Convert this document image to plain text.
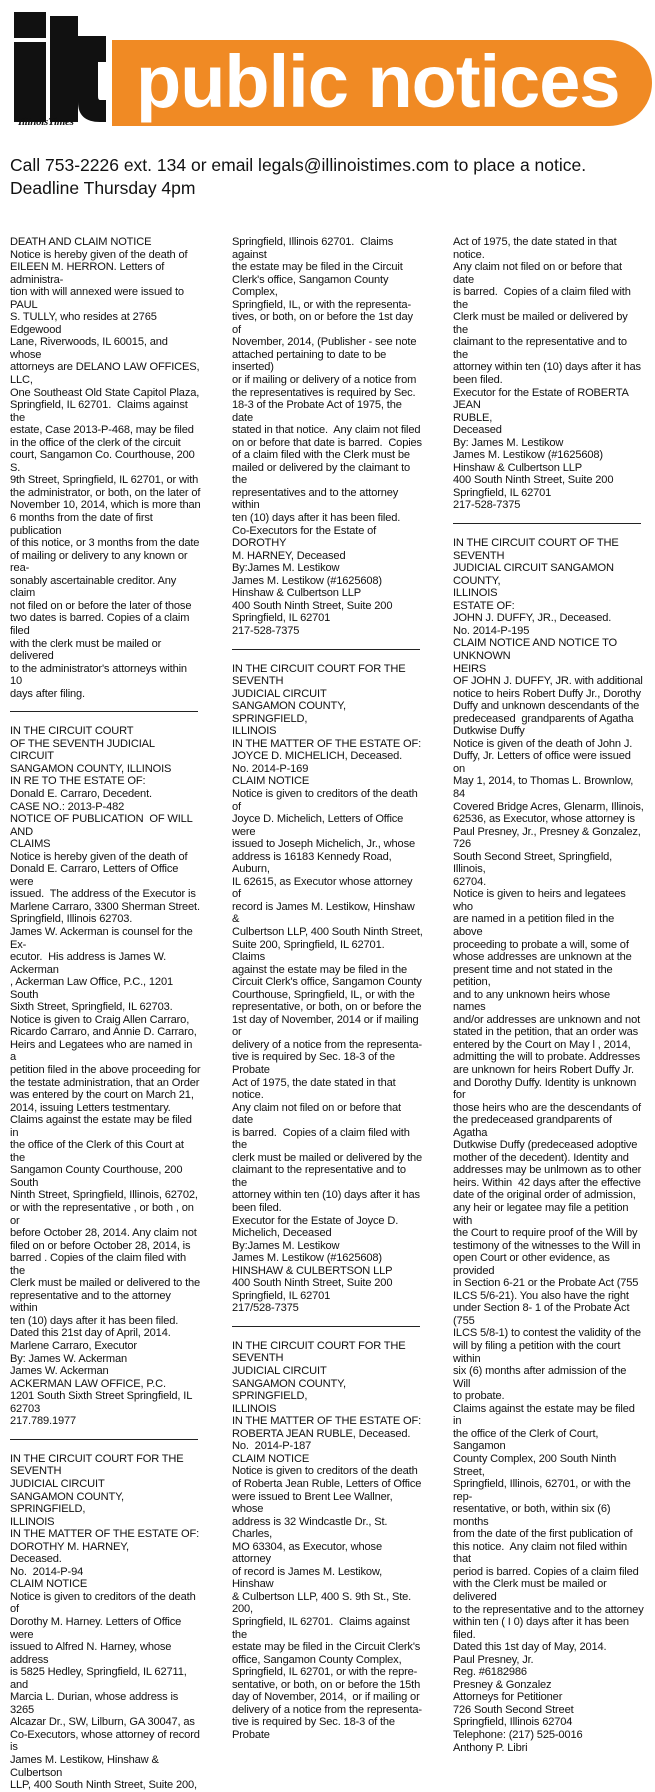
IllinoisTimes public notices
Call 753-2226 ext. 134 or email legals@illinoistimes.com to place a notice.
Deadline Thursday 4pm

DEATH AND CLAIM NOTICE
Notice is hereby given of the death of
EILEEN M. HERRON. Letters of administra-
tion with will annexed were issued to PAUL
S. TULLY, who resides at 2765 Edgewood
Lane, Riverwoods, IL 60015, and whose
attorneys are DELANO LAW OFFICES, LLC,
One Southeast Old State Capitol Plaza,
Springfield, IL 62701.  Claims against the
estate, Case 2013-P-468, may be filed
in the office of the clerk of the circuit
court, Sangamon Co. Courthouse, 200 S.
9th Street, Springfield, IL 62701, or with
the administrator, or both, on the later of
November 10, 2014, which is more than
6 months from the date of first publication
of this notice, or 3 months from the date
of mailing or delivery to any known or rea-
sonably ascertainable creditor. Any claim
not filed on or before the later of those
two dates is barred. Copies of a claim filed
with the clerk must be mailed or delivered
to the administrator's attorneys within 10
days after filing.

IN THE CIRCUIT COURT
OF THE SEVENTH JUDICIAL CIRCUIT
SANGAMON COUNTY, ILLINOIS
IN RE TO THE ESTATE OF:
Donald E. Carraro, Decedent.
CASE NO.: 2013-P-482
NOTICE OF PUBLICATION  OF WILL AND
CLAIMS
Notice is hereby given of the death of
Donald E. Carraro, Letters of Office were
issued.  The address of the Executor is
Marlene Carraro, 3300 Sherman Street.
Springfield, Illinois 62703.
James W. Ackerman is counsel for the Ex-
ecutor.  His address is James W. Ackerman
, Ackerman Law Office, P.C., 1201 South
Sixth Street, Springfield, IL 62703.
Notice is given to Craig Allen Carraro,
Ricardo Carraro, and Annie D. Carraro,
Heirs and Legatees who are named in a
petition filed in the above proceeding for
the testate administration, that an Order
was entered by the court on March 21,
2014, issuing Letters testmentary.
Claims against the estate may be filed in
the office of the Clerk of this Court at the
Sangamon County Courthouse, 200 South
Ninth Street, Springfield, Illinois, 62702,
or with the representative , or both , on or
before October 28, 2014. Any claim not
filed on or before October 28, 2014, is
barred . Copies of the claim filed with the
Clerk must be mailed or delivered to the
representative and to the attorney within
ten (10) days after it has been filed.
Dated this 21st day of April, 2014.
Marlene Carraro, Executor
By: James W. Ackerman
James W. Ackerman
ACKERMAN LAW OFFICE, P.C.
1201 South Sixth Street Springfield, IL
62703
217.789.1977

IN THE CIRCUIT COURT FOR THE SEVENTH
JUDICIAL CIRCUIT
SANGAMON COUNTY, SPRINGFIELD,
ILLINOIS
IN THE MATTER OF THE ESTATE OF:
DOROTHY M. HARNEY,
Deceased.
No.  2014-P-94
CLAIM NOTICE
Notice is given to creditors of the death of
Dorothy M. Harney. Letters of Office were
issued to Alfred N. Harney, whose address
is 5825 Hedley, Springfield, IL 62711, and
Marcia L. Durian, whose address is 3265
Alcazar Dr., SW, Lilburn, GA 30047, as
Co-Executors, whose attorney of record is
James M. Lestikow, Hinshaw & Culbertson
LLP, 400 South Ninth Street, Suite 200,

Springfield, Illinois 62701.  Claims against
the estate may be filed in the Circuit
Clerk's office, Sangamon County Complex,
Springfield, IL, or with the representa-
tives, or both, on or before the 1st day of
November, 2014, (Publisher - see note
attached pertaining to date to be inserted)
or if mailing or delivery of a notice from
the representatives is required by Sec.
18-3 of the Probate Act of 1975, the date
stated in that notice.  Any claim not filed
on or before that date is barred.  Copies
of a claim filed with the Clerk must be
mailed or delivered by the claimant to the
representatives and to the attorney within
ten (10) days after it has been filed.
Co-Executors for the Estate of DOROTHY
M. HARNEY, Deceased
By:James M. Lestikow
James M. Lestikow (#1625608)
Hinshaw & Culbertson LLP
400 South Ninth Street, Suite 200
Springfield, IL 62701
217-528-7375

IN THE CIRCUIT COURT FOR THE SEVENTH
JUDICIAL CIRCUIT
SANGAMON COUNTY, SPRINGFIELD,
ILLINOIS
IN THE MATTER OF THE ESTATE OF:
JOYCE D. MICHELICH, Deceased.
No. 2014-P-169
CLAIM NOTICE
Notice is given to creditors of the death of
Joyce D. Michelich, Letters of Office were
issued to Joseph Michelich, Jr., whose
address is 16183 Kennedy Road, Auburn,
IL 62615, as Executor whose attorney of
record is James M. Lestikow, Hinshaw &
Culbertson LLP, 400 South Ninth Street,
Suite 200, Springfield, IL 62701.  Claims
against the estate may be filed in the
Circuit Clerk's office, Sangamon County
Courthouse, Springfield, IL, or with the
representative, or both, on or before the
1st day of November, 2014 or if mailing or
delivery of a notice from the representa-
tive is required by Sec. 18-3 of the Probate
Act of 1975, the date stated in that notice.
Any claim not filed on or before that date
is barred.  Copies of a claim filed with the
clerk must be mailed or delivered by the
claimant to the representative and to the
attorney within ten (10) days after it has
been filed.
Executor for the Estate of Joyce D.
Michelich, Deceased
By:James M. Lestikow
James M. Lestikow (#1625608)
HINSHAW & CULBERTSON LLP
400 South Ninth Street, Suite 200
Springfield, IL 62701
217/528-7375

IN THE CIRCUIT COURT FOR THE SEVENTH
JUDICIAL CIRCUIT
SANGAMON COUNTY, SPRINGFIELD,
ILLINOIS
IN THE MATTER OF THE ESTATE OF:
ROBERTA JEAN RUBLE, Deceased.
No.  2014-P-187
CLAIM NOTICE
Notice is given to creditors of the death
of Roberta Jean Ruble, Letters of Office
were issued to Brent Lee Wallner, whose
address is 32 Windcastle Dr., St. Charles,
MO 63304, as Executor, whose attorney
of record is James M. Lestikow, Hinshaw
& Culbertson LLP, 400 S. 9th St., Ste. 200,
Springfield, IL 62701.  Claims against the
estate may be filed in the Circuit Clerk's
office, Sangamon County Complex,
Springfield, IL 62701, or with the repre-
sentative, or both, on or before the 15th
day of November, 2014,  or if mailing or
delivery of a notice from the representa-
tive is required by Sec. 18-3 of the Probate

Act of 1975, the date stated in that notice.
Any claim not filed on or before that date
is barred.  Copies of a claim filed with the
Clerk must be mailed or delivered by the
claimant to the representative and to the
attorney within ten (10) days after it has
been filed.
Executor for the Estate of ROBERTA JEAN
RUBLE,
Deceased
By: James M. Lestikow
James M. Lestikow (#1625608)
Hinshaw & Culbertson LLP
400 South Ninth Street, Suite 200
Springfield, IL 62701
217-528-7375

IN THE CIRCUIT COURT OF THE SEVENTH
JUDICIAL CIRCUIT SANGAMON COUNTY,
ILLINOIS
ESTATE OF:
JOHN J. DUFFY, JR., Deceased.
No. 2014-P-195
CLAIM NOTICE AND NOTICE TO UNKNOWN
HEIRS
OF JOHN J. DUFFY, JR. with additional
notice to heirs Robert Duffy Jr., Dorothy
Duffy and unknown descendants of the
predeceased  grandparents of Agatha
Dutkwise Duffy
Notice is given of the death of John J.
Duffy, Jr. Letters of office were issued on
May 1, 2014, to Thomas L. Brownlow, 84
Covered Bridge Acres, Glenarm, Illinois,
62536, as Executor, whose attorney is
Paul Presney, Jr., Presney & Gonzalez, 726
South Second Street, Springfield, Illinois,
62704.
Notice is given to heirs and legatees who
are named in a petition filed in the above
proceeding to probate a will, some of
whose addresses are unknown at the
present time and not stated in the petition,
and to any unknown heirs whose names
and/or addresses are unknown and not
stated in the petition, that an order was
entered by the Court on May l , 2014,
admitting the will to probate. Addresses
are unknown for heirs Robert Duffy Jr.
and Dorothy Duffy. Identity is unknown for
those heirs who are the descendants of
the predeceased grandparents of Agatha
Dutkwise Duffy (predeceased adoptive
mother of the decedent). Identity and
addresses may be unlmown as to other
heirs. Within  42 days after the effective
date of the original order of admission,
any heir or legatee may file a petition with
the Court to require proof of the Will by
testimony of the witnesses to the Will in
open Court or other evidence, as provided
in Section 6-21 or the Probate Act (755
ILCS 5/6-21). You also have the right
under Section 8- 1 of the Probate Act (755
ILCS 5/8-1) to contest the validity of the
will by filing a petition with the court within
six (6) months after admission of the Will
to probate.
Claims against the estate may be filed in
the office of the Clerk of Court, Sangamon
County Complex, 200 South Ninth Street,
Springfield, Illinois, 62701, or with the rep-
resentative, or both, within six (6) months
from the date of the first publication of
this notice.  Any claim not filed within that
period is barred. Copies of a claim filed
with the Clerk must be mailed or delivered
to the representative and to the attorney
within ten ( I 0) days after it has been filed.
Dated this 1st day of May, 2014.
Paul Presney, Jr.
Reg. #6182986
Presney & Gonzalez
Attorneys for Petitioner
726 South Second Street
Springfield, Illinois 62704
Telephone: (217) 525-0016
Anthony P. Libri
